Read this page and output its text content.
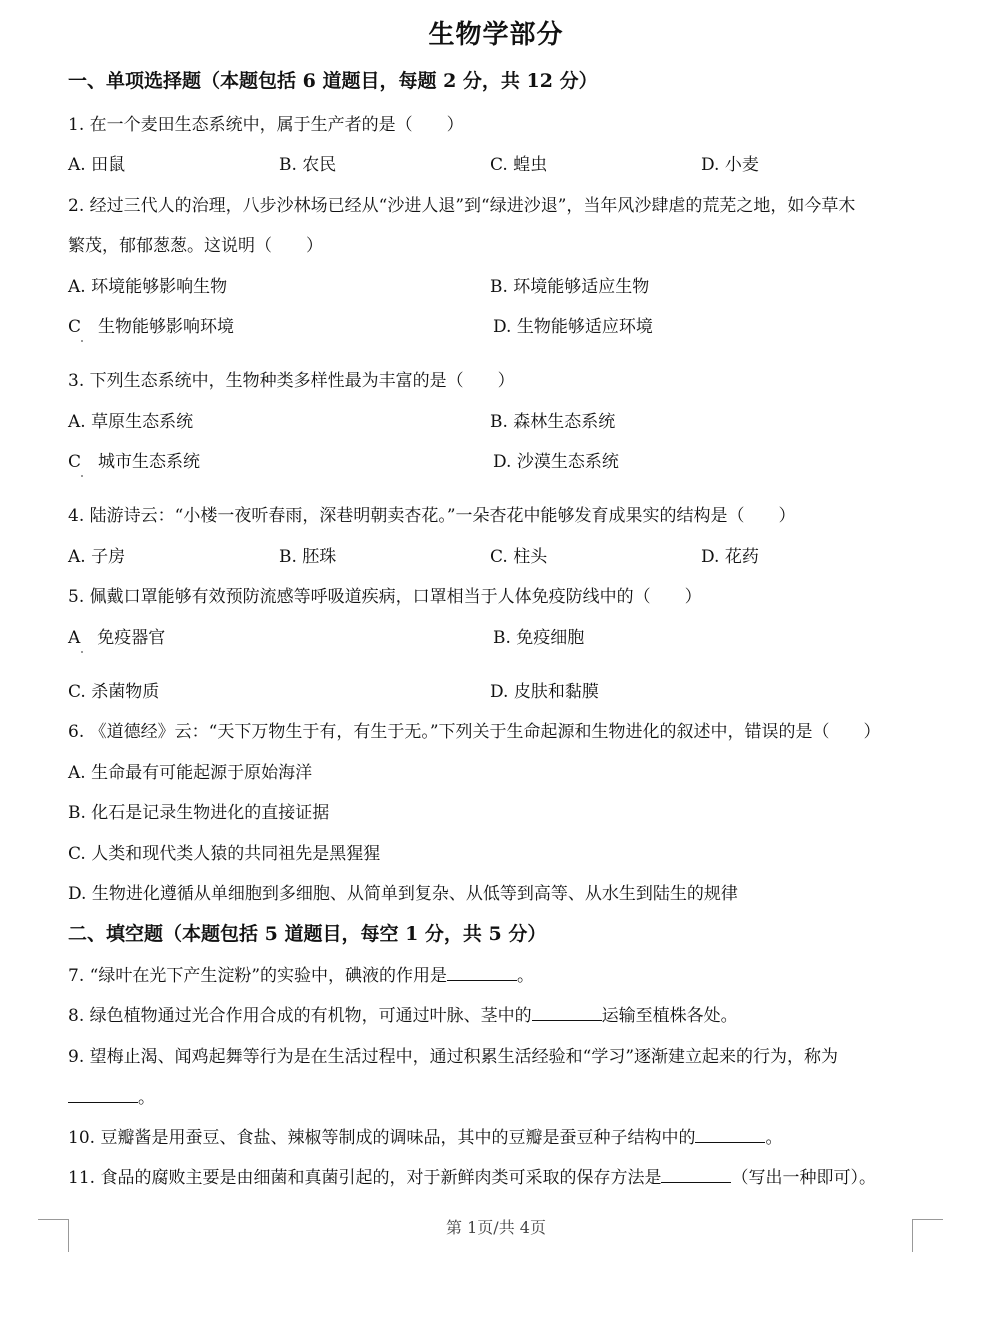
生物学部分
一、单项选择题（本题包括 6 道题目，每题 2 分，共 12 分）
1. 在一个麦田生态系统中，属于生产者的是（　　）
A. 田鼠	B. 农民	C. 蝗虫	D. 小麦
2. 经过三代人的治理，八步沙林场已经从“沙进人退”到“绿进沙退”，当年风沙肆虐的荒芜之地，如今草木
繁茂，郁郁葱葱。这说明（　　）
A. 环境能够影响生物	B. 环境能够适应生物
C　生物能够影响环境	D. 生物能够适应环境
3. 下列生态系统中，生物种类多样性最为丰富的是（　　）
A. 草原生态系统	B. 森林生态系统
C　城市生态系统	D. 沙漠生态系统
4. 陆游诗云：“小楼一夜听春雨，深巷明朝卖杏花。”一朵杏花中能够发育成果实的结构是（　　）
A. 子房	B. 胚珠	C. 柱头	D. 花药
5. 佩戴口罩能够有效预防流感等呼吸道疾病，口罩相当于人体免疫防线中的（　　）
A　免疫器官	B. 免疫细胞
C. 杀菌物质	D. 皮肤和黏膜
6. 《道德经》云：“天下万物生于有，有生于无。”下列关于生命起源和生物进化的叙述中，错误的是（　　）
A. 生命最有可能起源于原始海洋
B. 化石是记录生物进化的直接证据
C. 人类和现代类人猿的共同祖先是黑猩猩
D. 生物进化遵循从单细胞到多细胞、从简单到复杂、从低等到高等、从水生到陆生的规律
二、填空题（本题包括 5 道题目，每空 1 分，共 5 分）
7. “绿叶在光下产生淀粉”的实验中，碘液的作用是	。
8. 绿色植物通过光合作用合成的有机物，可通过叶脉、茎中的	运输至植株各处。
9. 望梅止渴、闻鸡起舞等行为是在生活过程中，通过积累生活经验和“学习”逐渐建立起来的行为，称为
。
10. 豆瓣酱是用蚕豆、食盐、辣椒等制成的调味品，其中的豆瓣是蚕豆种子结构中的	。
11. 食品的腐败主要是由细菌和真菌引起的，对于新鲜肉类可采取的保存方法是	（写出一种即可）。
第 1页/共 4页
